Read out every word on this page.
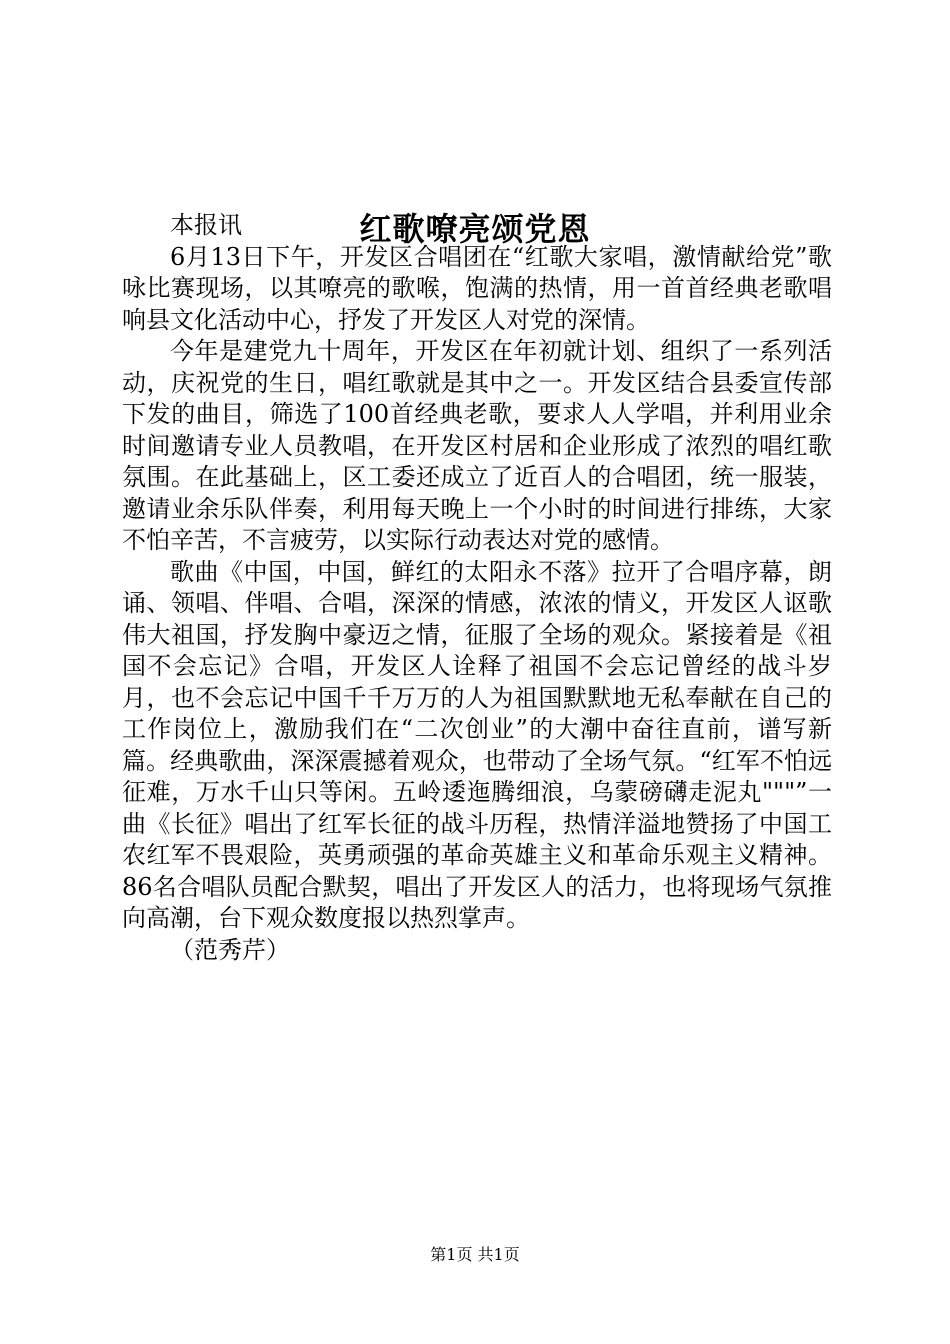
红歌嘹亮颂党恩

本报讯

6月13日下午，开发区合唱团在“红歌大家唱，激情献给党”歌咏比赛现场，以其嘹亮的歌喉，饱满的热情，用一首首经典老歌唱响县文化活动中心，抒发了开发区人对党的深情。

今年是建党九十周年，开发区在年初就计划、组织了一系列活动，庆祝党的生日，唱红歌就是其中之一。开发区结合县委宣传部下发的曲目，筛选了100首经典老歌，要求人人学唱，并利用业余时间邀请专业人员教唱，在开发区村居和企业形成了浓烈的唱红歌氛围。在此基础上，区工委还成立了近百人的合唱团，统一服装，邀请业余乐队伴奏，利用每天晚上一个小时的时间进行排练，大家不怕辛苦，不言疲劳，以实际行动表达对党的感情。

歌曲《中国，中国，鲜红的太阳永不落》拉开了合唱序幕，朗诵、领唱、伴唱、合唱，深深的情感，浓浓的情义，开发区人讴歌伟大祖国，抒发胸中豪迈之情，征服了全场的观众。紧接着是《祖国不会忘记》合唱，开发区人诠释了祖国不会忘记曾经的战斗岁月，也不会忘记中国千千万万的人为祖国默默地无私奉献在自己的工作岗位上，激励我们在“二次创业”的大潮中奋往直前，谱写新篇。经典歌曲，深深震撼着观众，也带动了全场气氛。“红军不怕远征难，万水千山只等闲。五岭逶迤腾细浪，乌蒙磅礴走泥丸"""”一曲《长征》唱出了红军长征的战斗历程，热情洋溢地赞扬了中国工农红军不畏艰险，英勇顽强的革命英雄主义和革命乐观主义精神。86名合唱队员配合默契，唱出了开发区人的活力，也将现场气氛推向高潮，台下观众数度报以热烈掌声。

（范秀芹）

第1页 共1页
